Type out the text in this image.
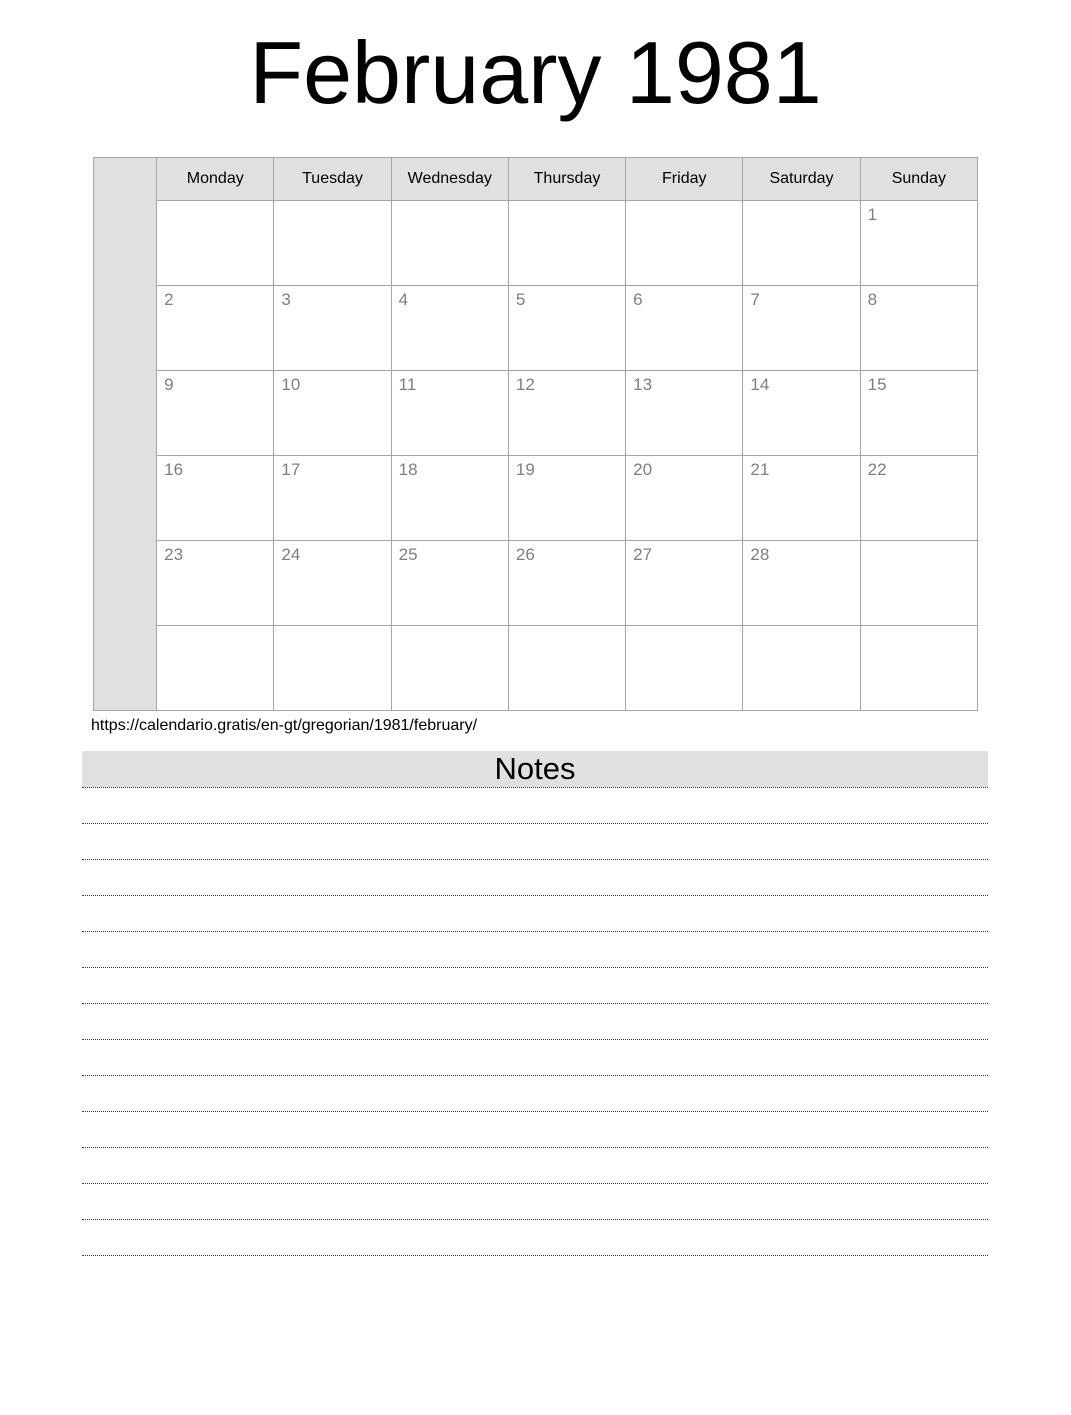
February 1981
	Monday	Tuesday	Wednesday	Thursday	Friday	Saturday	Sunday
							1
	2	3	4	5	6	7	8
	9	10	11	12	13	14	15
	16	17	18	19	20	21	22
	23	24	25	26	27	28	

https://calendario.gratis/en-gt/gregorian/1981/february/
Notes
